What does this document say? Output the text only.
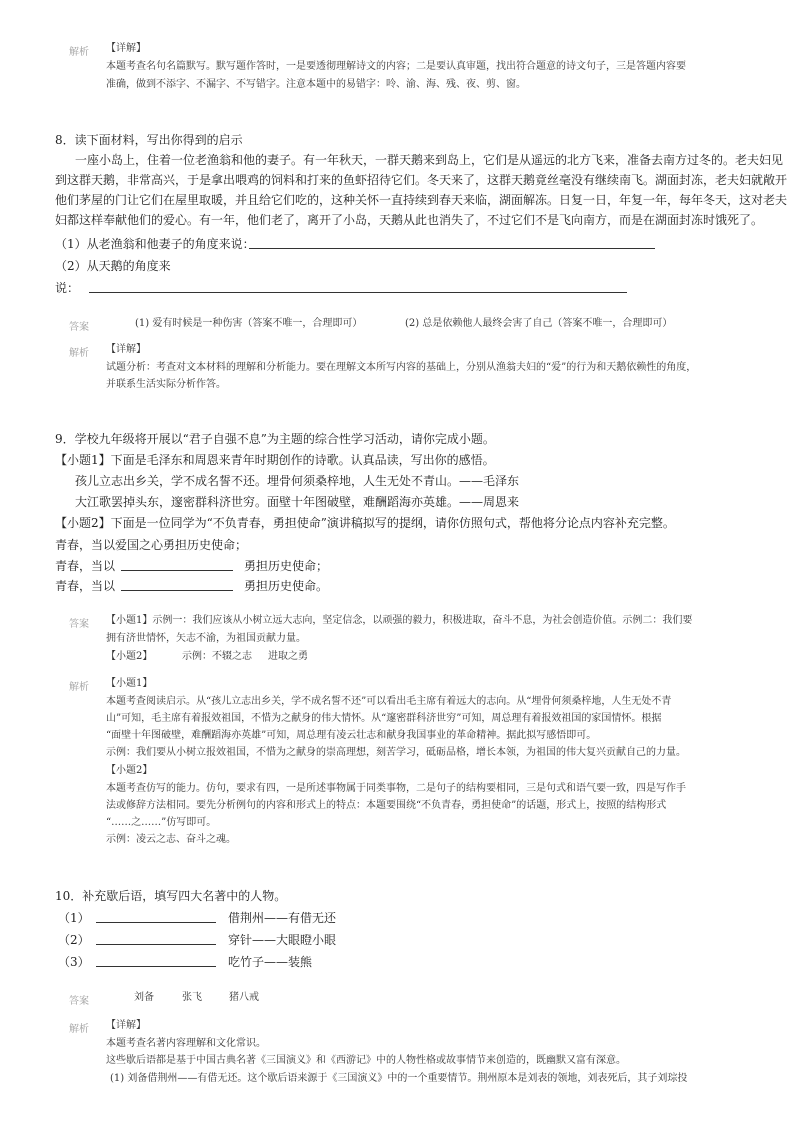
解析 【详解】
本题考查名句名篇默写。默写题作答时，一是要透彻理解诗文的内容；二是要认真审题，找出符合题意的诗文句子，三是答题内容要
准确，做到不添字、不漏字、不写错字。注意本题中的易错字：呤、渝、海、残、夜、剪、窗。
8．读下面材料，写出你得到的启示
一座小岛上，住着一位老渔翁和他的妻子。有一年秋天，一群天鹅来到岛上，它们是从遥远的北方飞来，准备去南方过冬的。老夫妇见
到这群天鹅，非常高兴，于是拿出喂鸡的饲料和打来的鱼虾招待它们。冬天来了，这群天鹅竟丝毫没有继续南飞。湖面封冻，老夫妇就敞开
他们茅屋的门让它们在屋里取暖，并且给它们吃的，这种关怀一直持续到春天来临，湖面解冻。日复一日，年复一年，每年冬天，这对老夫
妇都这样奉献他们的爱心。有一年，他们老了，离开了小岛，天鹅从此也消失了，不过它们不是飞向南方，而是在湖面封冻时饿死了。
（1）从老渔翁和他妻子的角度来说：
（2）从天鹅的角度来
说：
答案	(1) 爱有时候是一种伤害（答案不唯一，合理即可）	(2) 总是依赖他人最终会害了自己（答案不唯一，合理即可）
解析 【详解】
试题分析：考查对文本材料的理解和分析能力。要在理解文本所写内容的基础上，分别从渔翁夫妇的“爱”的行为和天鹅依赖性的角度，
并联系生活实际分析作答。
9．学校九年级将开展以“君子自强不息”为主题的综合性学习活动，请你完成小题。
【小题1】下面是毛泽东和周恩来青年时期创作的诗歌。认真品读，写出你的感悟。
孩儿立志出乡关，学不成名誓不还。埋骨何须桑梓地，人生无处不青山。——毛泽东
大江歌罢掉头东，邃密群科济世穷。面壁十年图破壁，难酬蹈海亦英雄。——周恩来
【小题2】下面是一位同学为“不负青春，勇担使命”演讲稿拟写的提纲，请你仿照句式，帮他将分论点内容补充完整。
青春，当以爱国之心勇担历史使命；
青春，当以	勇担历史使命；
青春，当以	勇担历史使命。
答案 【小题1】示例一：我们应该从小树立远大志向，坚定信念，以顽强的毅力，积极进取，奋斗不息，为社会创造价值。示例二：我们要
拥有济世情怀，矢志不渝，为祖国贡献力量。
【小题2】	示例：不辍之志 进取之勇
解析 【小题1】
本题考查阅读启示。从“孩儿立志出乡关，学不成名誓不还”可以看出毛主席有着远大的志向。从“埋骨何须桑梓地，人生无处不青
山”可知，毛主席有着报效祖国，不惜为之献身的伟大情怀。从“邃密群科济世穷”可知，周总理有着报效祖国的家国情怀。根据
“面壁十年图破壁，难酬蹈海亦英雄”可知，周总理有凌云壮志和献身我国事业的革命精神。据此拟写感悟即可。
示例：我们要从小树立报效祖国，不惜为之献身的崇高理想，刻苦学习，砥砺品格，增长本领，为祖国的伟大复兴贡献自己的力量。
【小题2】
本题考查仿写的能力。仿句，要求有四，一是所述事物属于同类事物，二是句子的结构要相同，三是句式和语气要一致，四是写作手
法或修辞方法相同。要先分析例句的内容和形式上的特点：本题要围绕“不负青春，勇担使命”的话题，形式上，按照的结构形式
“……之……”仿写即可。
示例：凌云之志、奋斗之魂。
10．补充歇后语，填写四大名著中的人物。
（1）	借荆州——有借无还
（2）	穿针——大眼瞪小眼
（3）	吃竹子——装熊
答案	刘备	张飞	猪八戒
解析 【详解】
本题考查名著内容理解和文化常识。
这些歇后语都是基于中国古典名著《三国演义》和《西游记》中的人物性格或故事情节来创造的，既幽默又富有深意。
(1) 刘备借荆州——有借无还。这个歇后语来源于《三国演义》中的一个重要情节。荆州原本是刘表的领地，刘表死后，其子刘琮投
